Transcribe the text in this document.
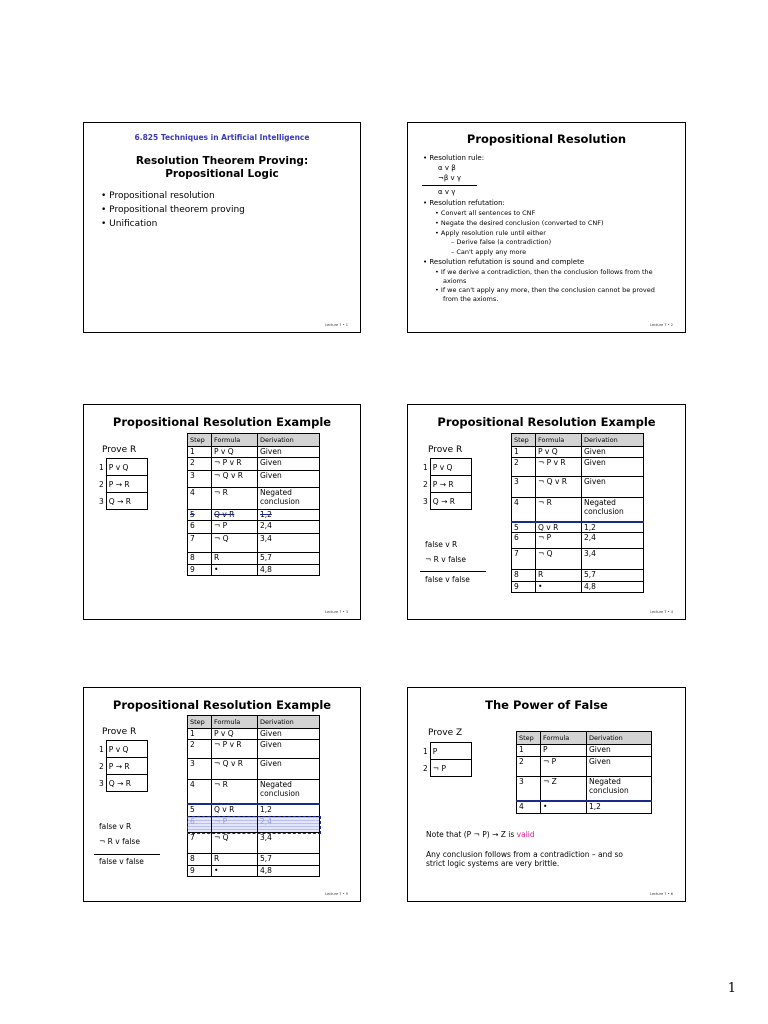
6.825 Techniques in Artificial Intelligence
Resolution Theorem Proving:
Propositional Logic
• Propositional resolution
• Propositional theorem proving
• Unification
Lecture 7 • 1
Propositional Resolution
• Resolution rule:
α v β
¬β v γ
α v γ
• Resolution refutation:
• Convert all sentences to CNF
• Negate the desired conclusion (converted to CNF)
• Apply resolution rule until either
– Derive false (a contradiction)
– Can't apply any more
• Resolution refutation is sound and complete
• If we derive a contradiction, then the conclusion follows from the
axioms
• If we can't apply any more, then the conclusion cannot be proved
from the axioms.
Lecture 7 • 2
Propositional Resolution Example
Prove R
1	P v Q
2	P → R
3	Q → R
Step	Formula	Derivation
1	P v Q	Given
2	¬ P v R	Given
3	¬ Q v R	Given
4	¬ R	Negated conclusion
5	Q v R	1,2
6	¬ P	2,4
7	¬ Q	3,4
8	R	5,7
9	•	4,8
Lecture 7 • 3
Propositional Resolution Example
Prove R
1	P v Q
2	P → R
3	Q → R
false v R
¬ R v false
false v false
Step	Formula	Derivation
1	P v Q	Given
2	¬ P v R	Given
3	¬ Q v R	Given
4	¬ R	Negated conclusion
5	Q v R	1,2
6	¬ P	2,4
7	¬ Q	3,4
8	R	5,7
9	•	4,8
Lecture 7 • 4
Propositional Resolution Example
Prove R
1	P v Q
2	P → R
3	Q → R
false v R
¬ R v false
false v false
Step	Formula	Derivation
1	P v Q	Given
2	¬ P v R	Given
3	¬ Q v R	Given
4	¬ R	Negated conclusion
5	Q v R	1,2
6	¬ P	2,4
7	¬ Q	3,4
8	R	5,7
9	•	4,8
Lecture 7 • 5
The Power of False
Prove Z
1	P
2	¬ P
Step	Formula	Derivation
1	P	Given
2	¬ P	Given
3	¬ Z	Negated conclusion
4	•	1,2
Note that (P ¬ P) → Z is valid
Any conclusion follows from a contradiction – and so
strict logic systems are very brittle.
Lecture 7 • 6
1
